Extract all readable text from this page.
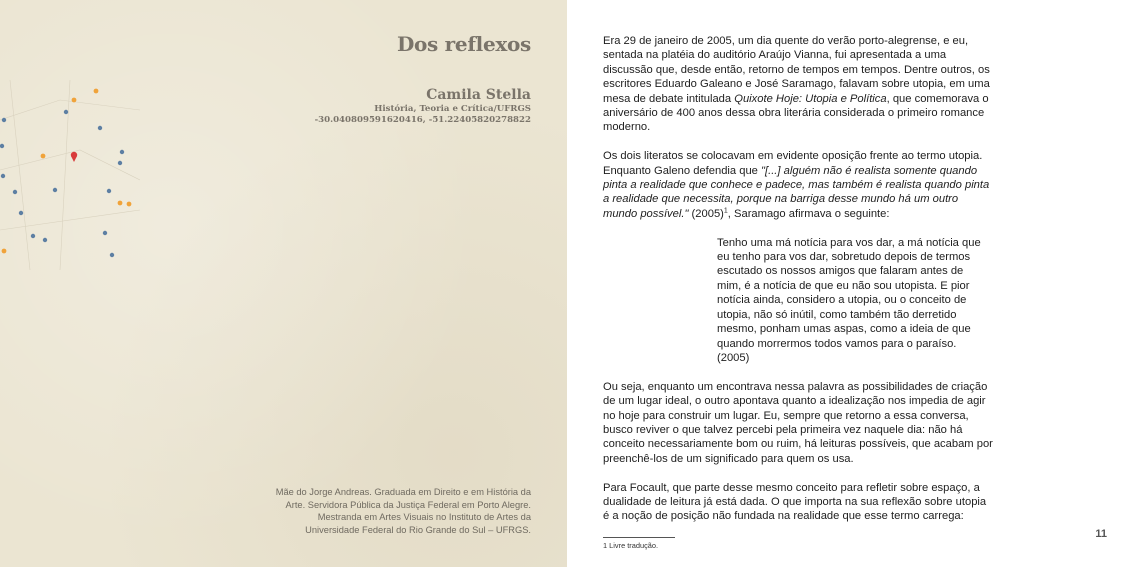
Dos reflexos
Camila Stella
História, Teoria e Crítica/UFRGS
-30.040809591620416, -51.22405820278822

Mãe do Jorge Andreas. Graduada em Direito e em História da Arte. Servidora Pública da Justiça Federal em Porto Alegre. Mestranda em Artes Visuais no Instituto de Artes da Universidade Federal do Rio Grande do Sul – UFRGS.

Era 29 de janeiro de 2005, um dia quente do verão porto-alegrense, e eu, sentada na platéia do auditório Araújo Vianna, fui apresentada a uma discussão que, desde então, retorno de tempos em tempos. Dentre outros, os escritores Eduardo Galeano e José Saramago, falavam sobre utopia, em uma mesa de debate intitulada Quixote Hoje: Utopia e Política, que comemorava o aniversário de 400 anos dessa obra literária considerada o primeiro romance moderno.

Os dois literatos se colocavam em evidente oposição frente ao termo utopia. Enquanto Galeno defendia que "[...] alguém não é realista somente quando pinta a realidade que conhece e padece, mas também é realista quando pinta a realidade que necessita, porque na barriga desse mundo há um outro mundo possível." $(2005)^1$, Saramago afirmava o seguinte:

Tenho uma má notícia para vos dar, a má notícia que eu tenho para vos dar, sobretudo depois de termos escutado os nossos amigos que falaram antes de mim, é a notícia de que eu não sou utopista. E pior notícia ainda, considero a utopia, ou o conceito de utopia, não só inútil, como também tão derretido mesmo, ponham umas aspas, como a ideia de que quando morrermos todos vamos para o paraíso. (2005)

Ou seja, enquanto um encontrava nessa palavra as possibilidades de criação de um lugar ideal, o outro apontava quanto a idealização nos impedia de agir no hoje para construir um lugar. Eu, sempre que retorno a essa conversa, busco reviver o que talvez percebi pela primeira vez naquele dia: não há conceito necessariamente bom ou ruim, há leituras possíveis, que acabam por preenchê-los de um significado para quem os usa.

Para Focault, que parte desse mesmo conceito para refletir sobre espaço, a dualidade de leitura já está dada. O que importa na sua reflexão sobre utopia é a noção de posição não fundada na realidade que esse termo carrega:

1 Livre tradução.
11
